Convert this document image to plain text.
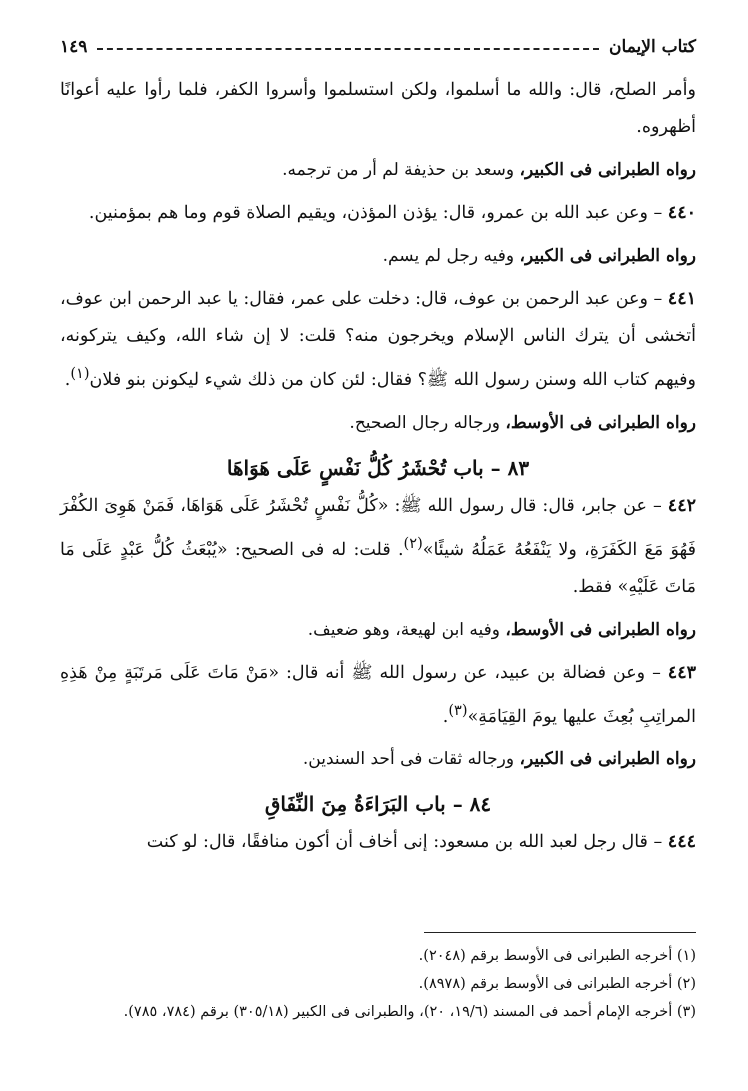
كتاب الإيمان
١٤٩

وأمر الصلح، قال: والله ما أسلموا، ولكن استسلموا وأسروا الكفر، فلما رأوا عليه أعوانًا أظهروه.

رواه الطبرانى فى الكبير، وسعد بن حذيفة لم أر من ترجمه.

٤٤٠ – وعن عبد الله بن عمرو، قال: يؤذن المؤذن، ويقيم الصلاة قوم وما هم بمؤمنين.

رواه الطبرانى فى الكبير، وفيه رجل لم يسم.

٤٤١ – وعن عبد الرحمن بن عوف، قال: دخلت على عمر، فقال: يا عبد الرحمن ابن عوف، أتخشى أن يترك الناس الإسلام ويخرجون منه؟ قلت: لا إن شاء الله، وكيف يتركونه، وفيهم كتاب الله وسنن رسول الله ﷺ؟ فقال: لئن كان من ذلك شيء ليكونن بنو فلان$^{(١)}$.

رواه الطبرانى فى الأوسط، ورجاله رجال الصحيح.

٨٣ – باب تُحْشَرُ كُلُّ نَفْسٍ عَلَى هَوَاهَا

٤٤٢ – عن جابر، قال: قال رسول الله ﷺ: «كُلُّ نَفْسٍ تُحْشَرُ عَلَى هَوَاهَا، فَمَنْ هَوِىَ الكُفْرَ فَهُوَ مَعَ الكَفَرَةِ، ولا يَنْفَعُهُ عَمَلُهُ شيئًا»$^{(٢)}$. قلت: له فى الصحيح: «يُبْعَثُ كُلُّ عَبْدٍ عَلَى مَا مَاتَ عَلَيْهِ» فقط.

رواه الطبرانى فى الأوسط، وفيه ابن لهيعة، وهو ضعيف.

٤٤٣ – وعن فضالة بن عبيد، عن رسول الله ﷺ أنه قال: «مَنْ مَاتَ عَلَى مَرتَبَةٍ مِنْ هَذِهِ المراتِبِ بُعِثَ عليها يومَ القِيَامَةِ»$^{(٣)}$.

رواه الطبرانى فى الكبير، ورجاله ثقات فى أحد السندين.

٨٤ – باب البَرَاءَةُ مِنَ النِّفَاقِ

٤٤٤ – قال رجل لعبد الله بن مسعود: إنى أخاف أن أكون منافقًا، قال: لو كنت

(١) أخرجه الطبرانى فى الأوسط برقم (٢٠٤٨).

(٢) أخرجه الطبرانى فى الأوسط برقم (٨٩٧٨).

(٣) أخرجه الإمام أحمد فى المسند (١٩/٦، ٢٠)، والطبرانى فى الكبير (٣٠٥/١٨) برقم (٧٨٤، ٧٨٥).
